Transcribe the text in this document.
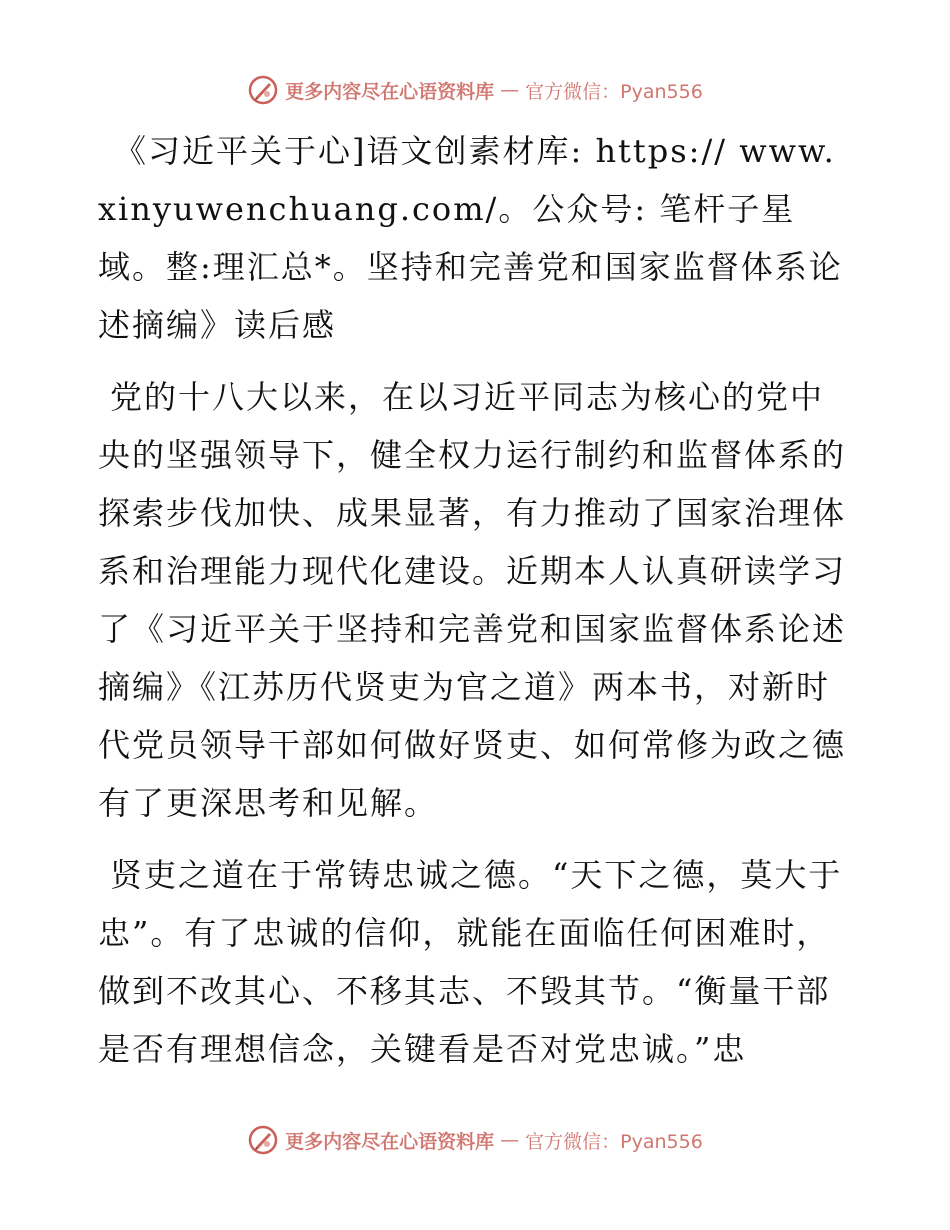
更多内容尽在心语资料库 — 官方微信：Pyan556

《习近平关于心]语文创素材库: https:// www.xinyuwenchuang.com/。公众号: 笔杆子星域。整:理汇总*。坚持和完善党和国家监督体系论述摘编》读后感

党的十八大以来，在以习近平同志为核心的党中央的坚强领导下，健全权力运行制约和监督体系的探索步伐加快、成果显著，有力推动了国家治理体系和治理能力现代化建设。近期本人认真研读学习了《习近平关于坚持和完善党和国家监督体系论述摘编》《江苏历代贤吏为官之道》两本书，对新时代党员领导干部如何做好贤吏、如何常修为政之德有了更深思考和见解。

贤吏之道在于常铸忠诚之德。“天下之德，莫大于忠”。有了忠诚的信仰，就能在面临任何困难时，做到不改其心、不移其志、不毁其节。“衡量干部是否有理想信念，关键看是否对党忠诚。”忠

更多内容尽在心语资料库 — 官方微信：Pyan556
